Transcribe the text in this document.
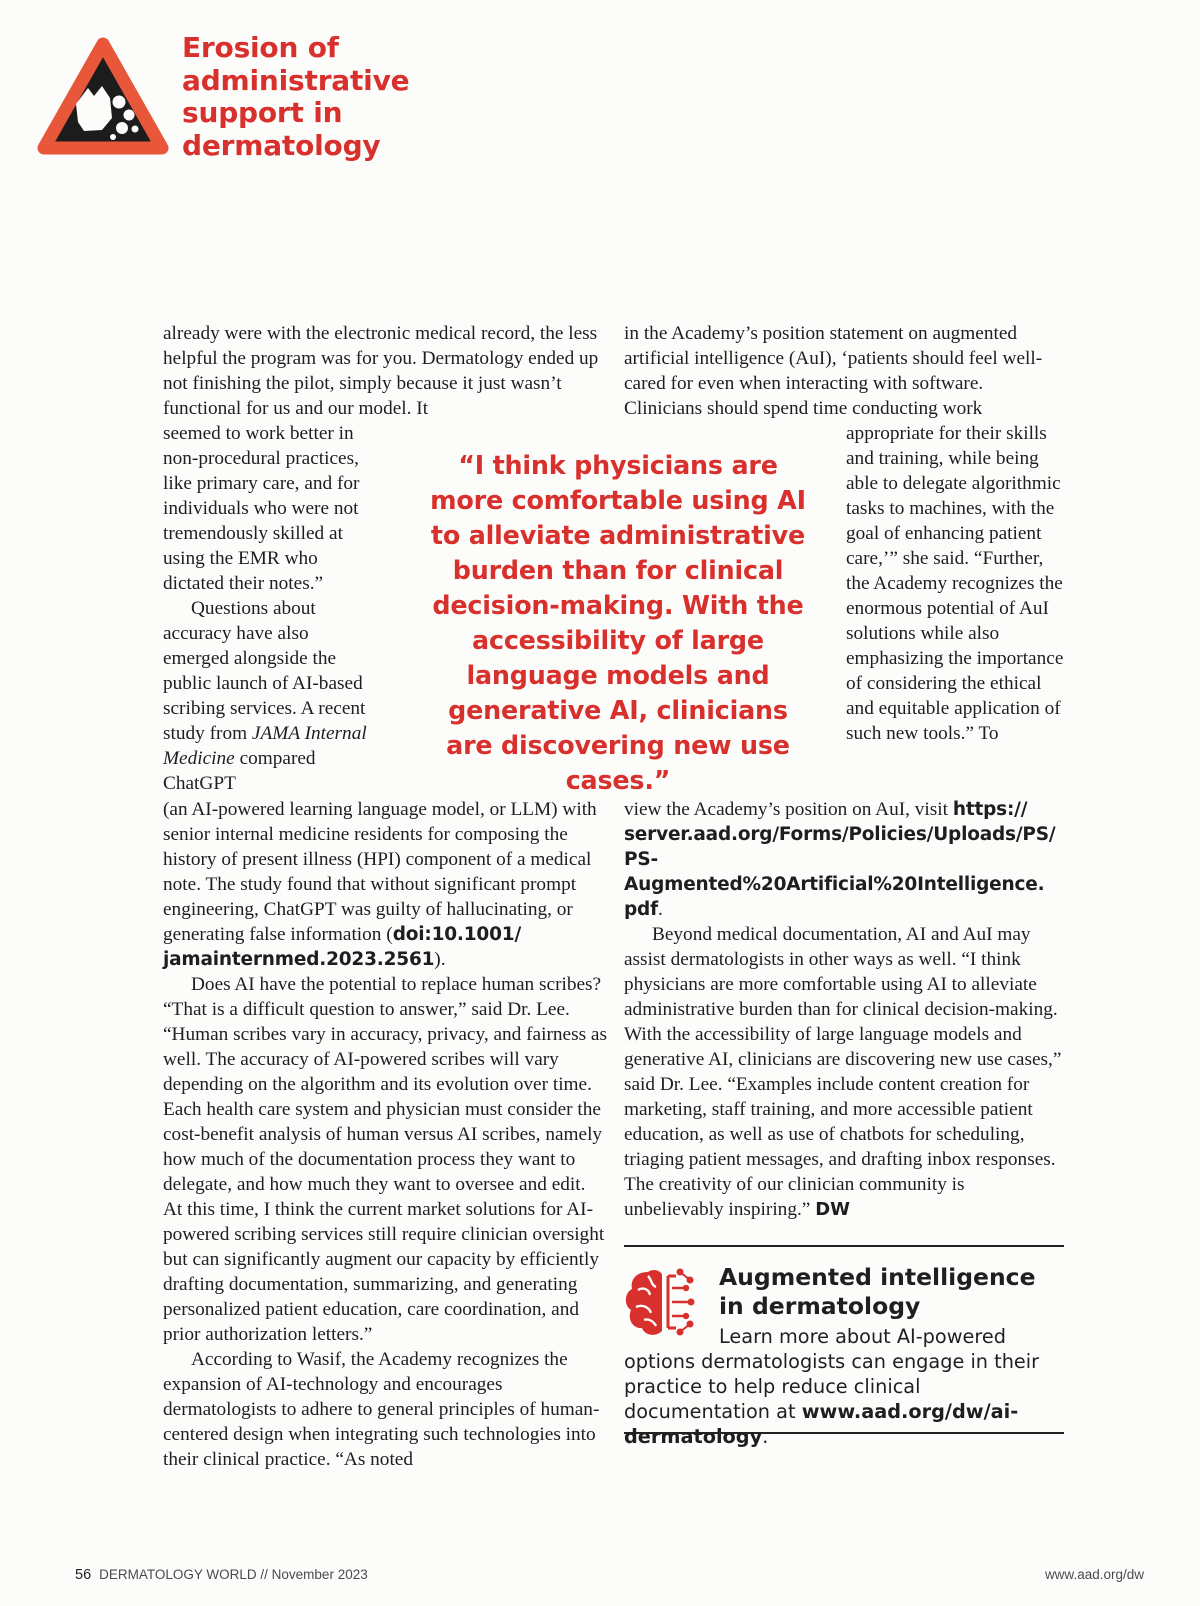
Erosion of administrative support in dermatology

already were with the electronic medical record, the less helpful the program was for you. Dermatology ended up not finishing the pilot, simply because it just wasn’t functional for us and our model. It

seemed to work better in non-procedural practices, like primary care, and for individuals who were not tremendously skilled at using the EMR who dictated their notes.”

Questions about accuracy have also emerged alongside the public launch of AI-based scribing services. A recent study from JAMA Internal Medicine compared ChatGPT

(an AI-powered learning language model, or LLM) with senior internal medicine residents for composing the history of present illness (HPI) component of a medical note. The study found that without significant prompt engineering, ChatGPT was guilty of hallucinating, or generating false information (doi:10.1001/ jamainternmed.2023.2561).

Does AI have the potential to replace human scribes? “That is a difficult question to answer,” said Dr. Lee. “Human scribes vary in accuracy, privacy, and fairness as well. The accuracy of AI-powered scribes will vary depending on the algorithm and its evolution over time. Each health care system and physician must consider the cost-benefit analysis of human versus AI scribes, namely how much of the documentation process they want to delegate, and how much they want to oversee and edit. At this time, I think the current market solutions for AI-powered scribing services still require clinician oversight but can significantly augment our capacity by efficiently drafting documentation, summarizing, and generating personalized patient education, care coordination, and prior authorization letters.”

According to Wasif, the Academy recognizes the expansion of AI-technology and encourages dermatologists to adhere to general principles of human-centered design when integrating such technologies into their clinical practice. “As noted

“I think physicians are more comfortable using AI to alleviate administrative burden than for clinical decision-making. With the accessibility of large language models and generative AI, clinicians are discovering new use cases.”

in the Academy’s position statement on augmented artificial intelligence (AuI), ‘patients should feel well-cared for even when interacting with software. Clinicians should spend time conducting work

appropriate for their skills and training, while being able to delegate algorithmic tasks to machines, with the goal of enhancing patient care,’” she said. “Further, the Academy recognizes the enormous potential of AuI solutions while also emphasizing the importance of considering the ethical and equitable application of such new tools.” To

view the Academy’s position on AuI, visit https:// server.aad.org/Forms/Policies/Uploads/PS/ PS-Augmented%20Artificial%20Intelligence. pdf.

Beyond medical documentation, AI and AuI may assist dermatologists in other ways as well. “I think physicians are more comfortable using AI to alleviate administrative burden than for clinical decision-making. With the accessibility of large language models and generative AI, clinicians are discovering new use cases,” said Dr. Lee. “Examples include content creation for marketing, staff training, and more accessible patient education, as well as use of chatbots for scheduling, triaging patient messages, and drafting inbox responses. The creativity of our clinician community is unbelievably inspiring.” DW

Augmented intelligence in dermatology

Learn more about AI-powered
options dermatologists can engage in their practice to help reduce clinical documentation at www.aad.org/dw/ai-dermatology.

56 DERMATOLOGY WORLD // November 2023	www.aad.org/dw
